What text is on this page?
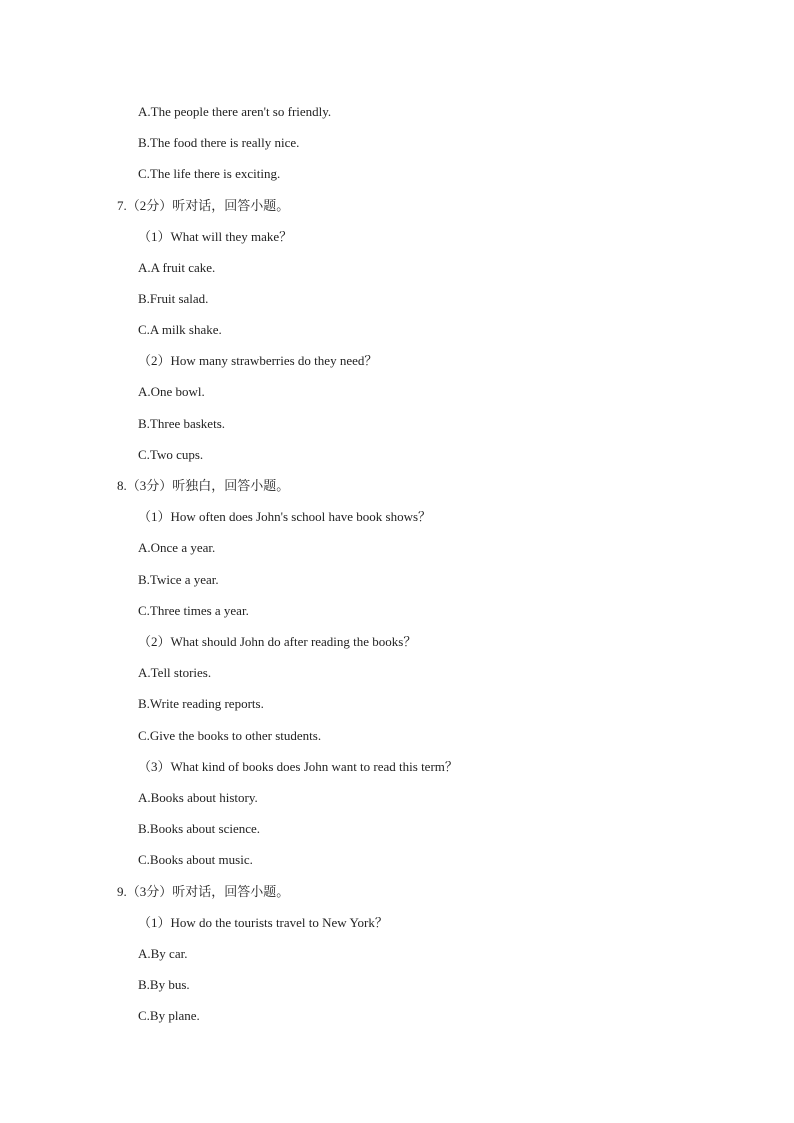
A.The people there aren't so friendly.
B.The food there is really nice.
C.The life there is exciting.
7.（2分）听对话，回答小题。
（1）What will they make？
A.A fruit cake.
B.Fruit salad.
C.A milk shake.
（2）How many strawberries do they need？
A.One bowl.
B.Three baskets.
C.Two cups.
8.（3分）听独白，回答小题。
（1）How often does John's school have book shows？
A.Once a year.
B.Twice a year.
C.Three times a year.
（2）What should John do after reading the books？
A.Tell stories.
B.Write reading reports.
C.Give the books to other students.
（3）What kind of books does John want to read this term？
A.Books about history.
B.Books about science.
C.Books about music.
9.（3分）听对话，回答小题。
（1）How do the tourists travel to New York？
A.By car.
B.By bus.
C.By plane.
